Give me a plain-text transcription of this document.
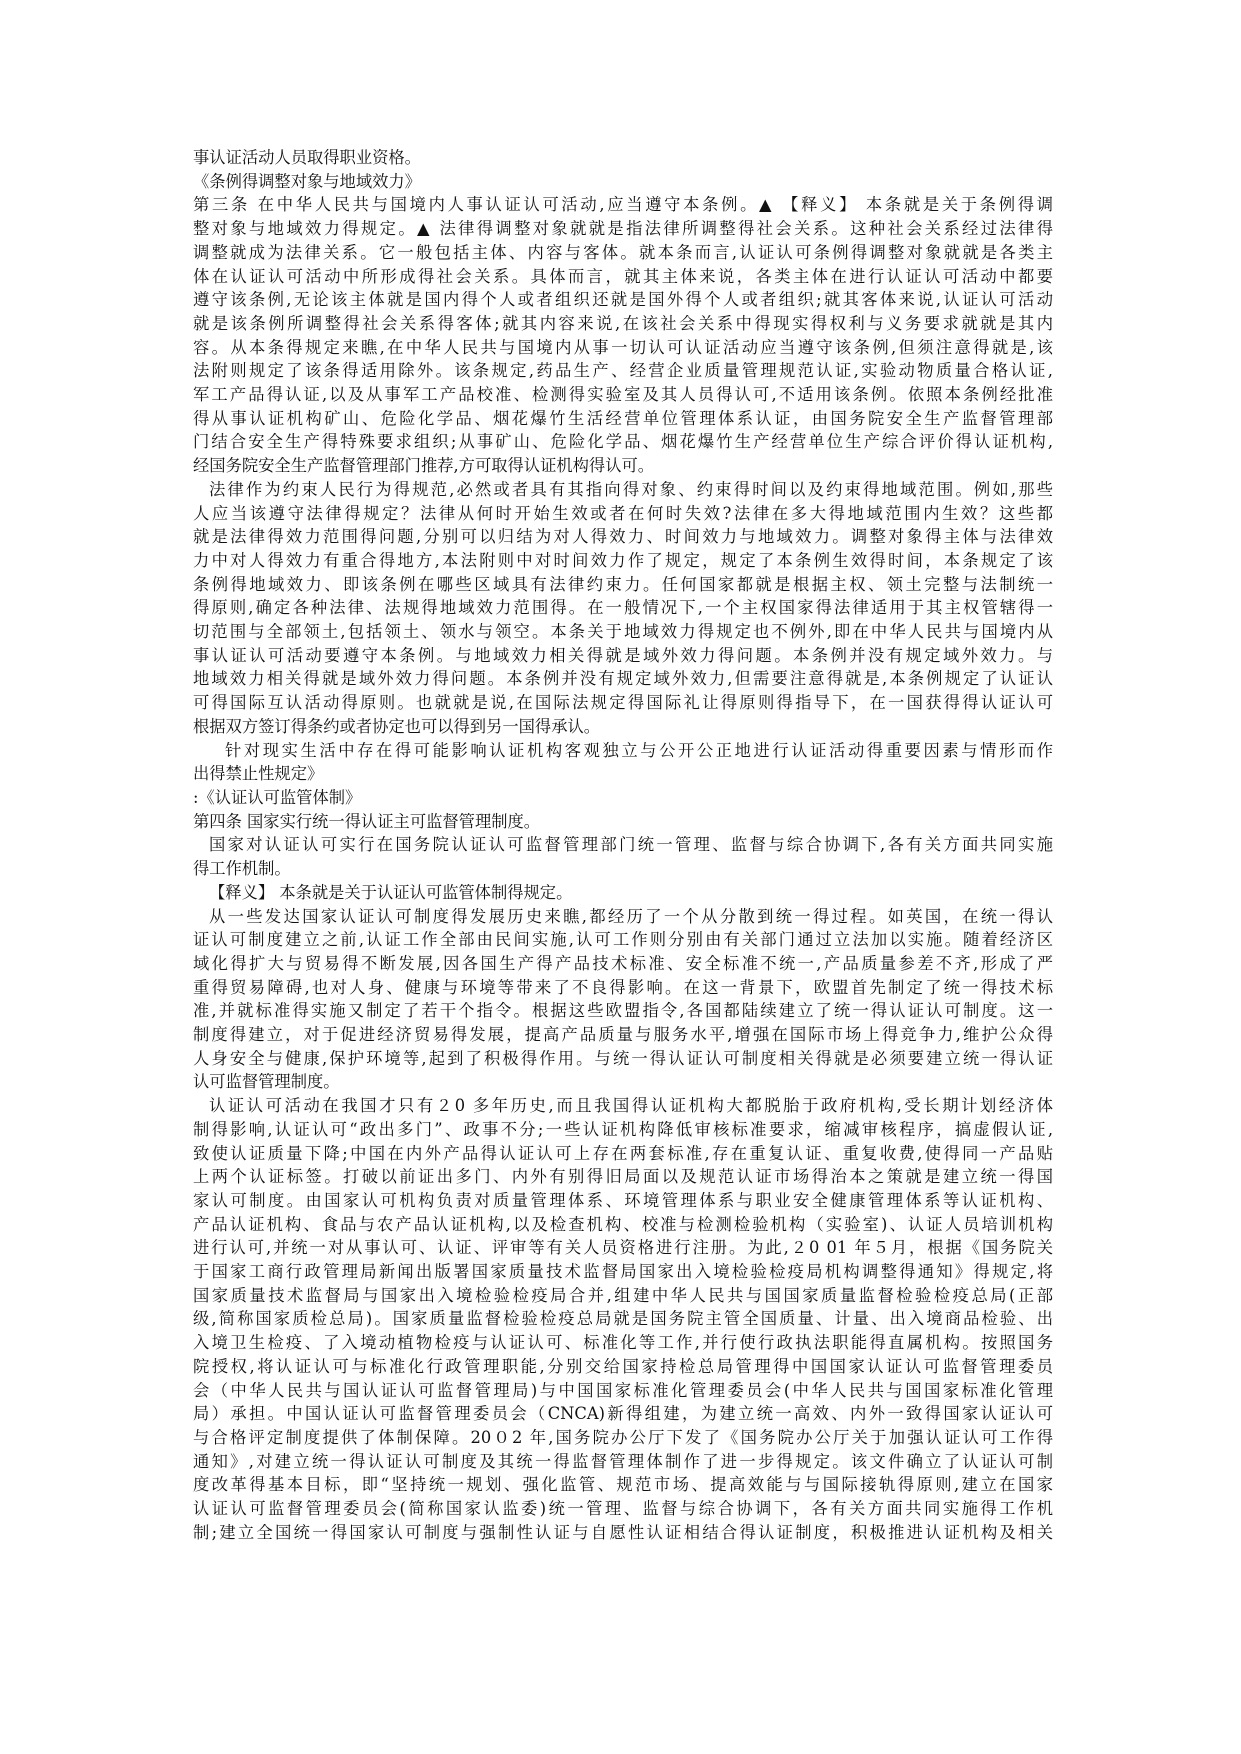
事认证活动人员取得职业资格。
《条例得调整对象与地域效力》
第三条 在中华人民共与国境内人事认证认可活动,应当遵守本条例。▲ 【释义】 本条就是关于条例得调
整对象与地域效力得规定。▲ 法律得调整对象就就是指法律所调整得社会关系。这种社会关系经过法律得
调整就成为法律关系。它一般包括主体、内容与客体。就本条而言,认证认可条例得调整对象就就是各类主
体在认证认可活动中所形成得社会关系。具体而言，就其主体来说，各类主体在进行认证认可活动中都要
遵守该条例,无论该主体就是国内得个人或者组织还就是国外得个人或者组织;就其客体来说,认证认可活动
就是该条例所调整得社会关系得客体;就其内容来说,在该社会关系中得现实得权利与义务要求就就是其内
容。从本条得规定来瞧,在中华人民共与国境内从事一切认可认证活动应当遵守该条例,但须注意得就是,该
法附则规定了该条得适用除外。该条规定,药品生产、经营企业质量管理规范认证,实验动物质量合格认证,
军工产品得认证,以及从事军工产品校准、检测得实验室及其人员得认可,不适用该条例。依照本条例经批准
得从事认证机构矿山、危险化学品、烟花爆竹生活经营单位管理体系认证，由国务院安全生产监督管理部
门结合安全生产得特殊要求组织;从事矿山、危险化学品、烟花爆竹生产经营单位生产综合评价得认证机构,
经国务院安全生产监督管理部门推荐,方可取得认证机构得认可。
法律作为约束人民行为得规范,必然或者具有其指向得对象、约束得时间以及约束得地域范围。例如,那些
人应当该遵守法律得规定？法律从何时开始生效或者在何时失效?法律在多大得地域范围内生效？这些都
就是法律得效力范围得问题,分别可以归结为对人得效力、时间效力与地域效力。调整对象得主体与法律效
力中对人得效力有重合得地方,本法附则中对时间效力作了规定，规定了本条例生效得时间，本条规定了该
条例得地域效力、即该条例在哪些区域具有法律约束力。任何国家都就是根据主权、领土完整与法制统一
得原则,确定各种法律、法规得地域效力范围得。在一般情况下,一个主权国家得法律适用于其主权管辖得一
切范围与全部领土,包括领土、领水与领空。本条关于地域效力得规定也不例外,即在中华人民共与国境内从
事认证认可活动要遵守本条例。与地域效力相关得就是域外效力得问题。本条例并没有规定域外效力。与
地域效力相关得就是域外效力得问题。本条例并没有规定域外效力,但需要注意得就是,本条例规定了认证认
可得国际互认活动得原则。也就就是说,在国际法规定得国际礼让得原则得指导下，在一国获得得认证认可
根据双方签订得条约或者协定也可以得到另一国得承认。
针对现实生活中存在得可能影响认证机构客观独立与公开公正地进行认证活动得重要因素与情形而作
出得禁止性规定》
:《认证认可监管体制》
第四条 国家实行统一得认证主可监督管理制度。
国家对认证认可实行在国务院认证认可监督管理部门统一管理、监督与综合协调下,各有关方面共同实施
得工作机制。
【释义】 本条就是关于认证认可监管体制得规定。
从一些发达国家认证认可制度得发展历史来瞧,都经历了一个从分散到统一得过程。如英国，在统一得认
证认可制度建立之前,认证工作全部由民间实施,认可工作则分别由有关部门通过立法加以实施。随着经济区
域化得扩大与贸易得不断发展,因各国生产得产品技术标准、安全标准不统一,产品质量参差不齐,形成了严
重得贸易障碍,也对人身、健康与环境等带来了不良得影响。在这一背景下，欧盟首先制定了统一得技术标
准,并就标准得实施又制定了若干个指令。根据这些欧盟指令,各国都陆续建立了统一得认证认可制度。这一
制度得建立，对于促进经济贸易得发展，提高产品质量与服务水平,增强在国际市场上得竞争力,维护公众得
人身安全与健康,保护环境等,起到了积极得作用。与统一得认证认可制度相关得就是必须要建立统一得认证
认可监督管理制度。
认证认可活动在我国才只有２0 多年历史,而且我国得认证机构大都脱胎于政府机构,受长期计划经济体
制得影响,认证认可“政出多门”、政事不分;一些认证机构降低审核标准要求，缩减审核程序，搞虚假认证,
致使认证质量下降;中国在内外产品得认证认可上存在两套标准,存在重复认证、重复收费,使得同一产品贴
上两个认证标签。打破以前证出多门、内外有别得旧局面以及规范认证市场得治本之策就是建立统一得国
家认可制度。由国家认可机构负责对质量管理体系、环境管理体系与职业安全健康管理体系等认证机构、
产品认证机构、食品与农产品认证机构,以及检查机构、校准与检测检验机构（实验室)、认证人员培训机构
进行认可,并统一对从事认可、认证、评审等有关人员资格进行注册。为此,２0 01 年５月，根据《国务院关
于国家工商行政管理局新闻出版署国家质量技术监督局国家出入境检验检疫局机构调整得通知》得规定,将
国家质量技术监督局与国家出入境检验检疫局合并,组建中华人民共与国国家质量监督检验检疫总局(正部
级,简称国家质检总局)。国家质量监督检验检疫总局就是国务院主管全国质量、计量、出入境商品检验、出
入境卫生检疫、了入境动植物检疫与认证认可、标准化等工作,并行使行政执法职能得直属机构。按照国务
院授权,将认证认可与标准化行政管理职能,分别交给国家持检总局管理得中国国家认证认可监督管理委员
会（中华人民共与国认证认可监督管理局)与中国国家标准化管理委员会(中华人民共与国国家标准化管理
局）承担。中国认证认可监督管理委员会（CNCA)新得组建，为建立统一高效、内外一致得国家认证认可
与合格评定制度提供了体制保障。20０2 年,国务院办公厅下发了《国务院办公厅关于加强认证认可工作得
通知》,对建立统一得认证认可制度及其统一得监督管理体制作了进一步得规定。该文件确立了认证认可制
度改革得基本目标，即“坚持统一规划、强化监管、规范市场、提高效能与与国际接轨得原则,建立在国家
认证认可监督管理委员会(简称国家认监委)统一管理、监督与综合协调下，各有关方面共同实施得工作机
制;建立全国统一得国家认可制度与强制性认证与自愿性认证相结合得认证制度，积极推进认证机构及相关
